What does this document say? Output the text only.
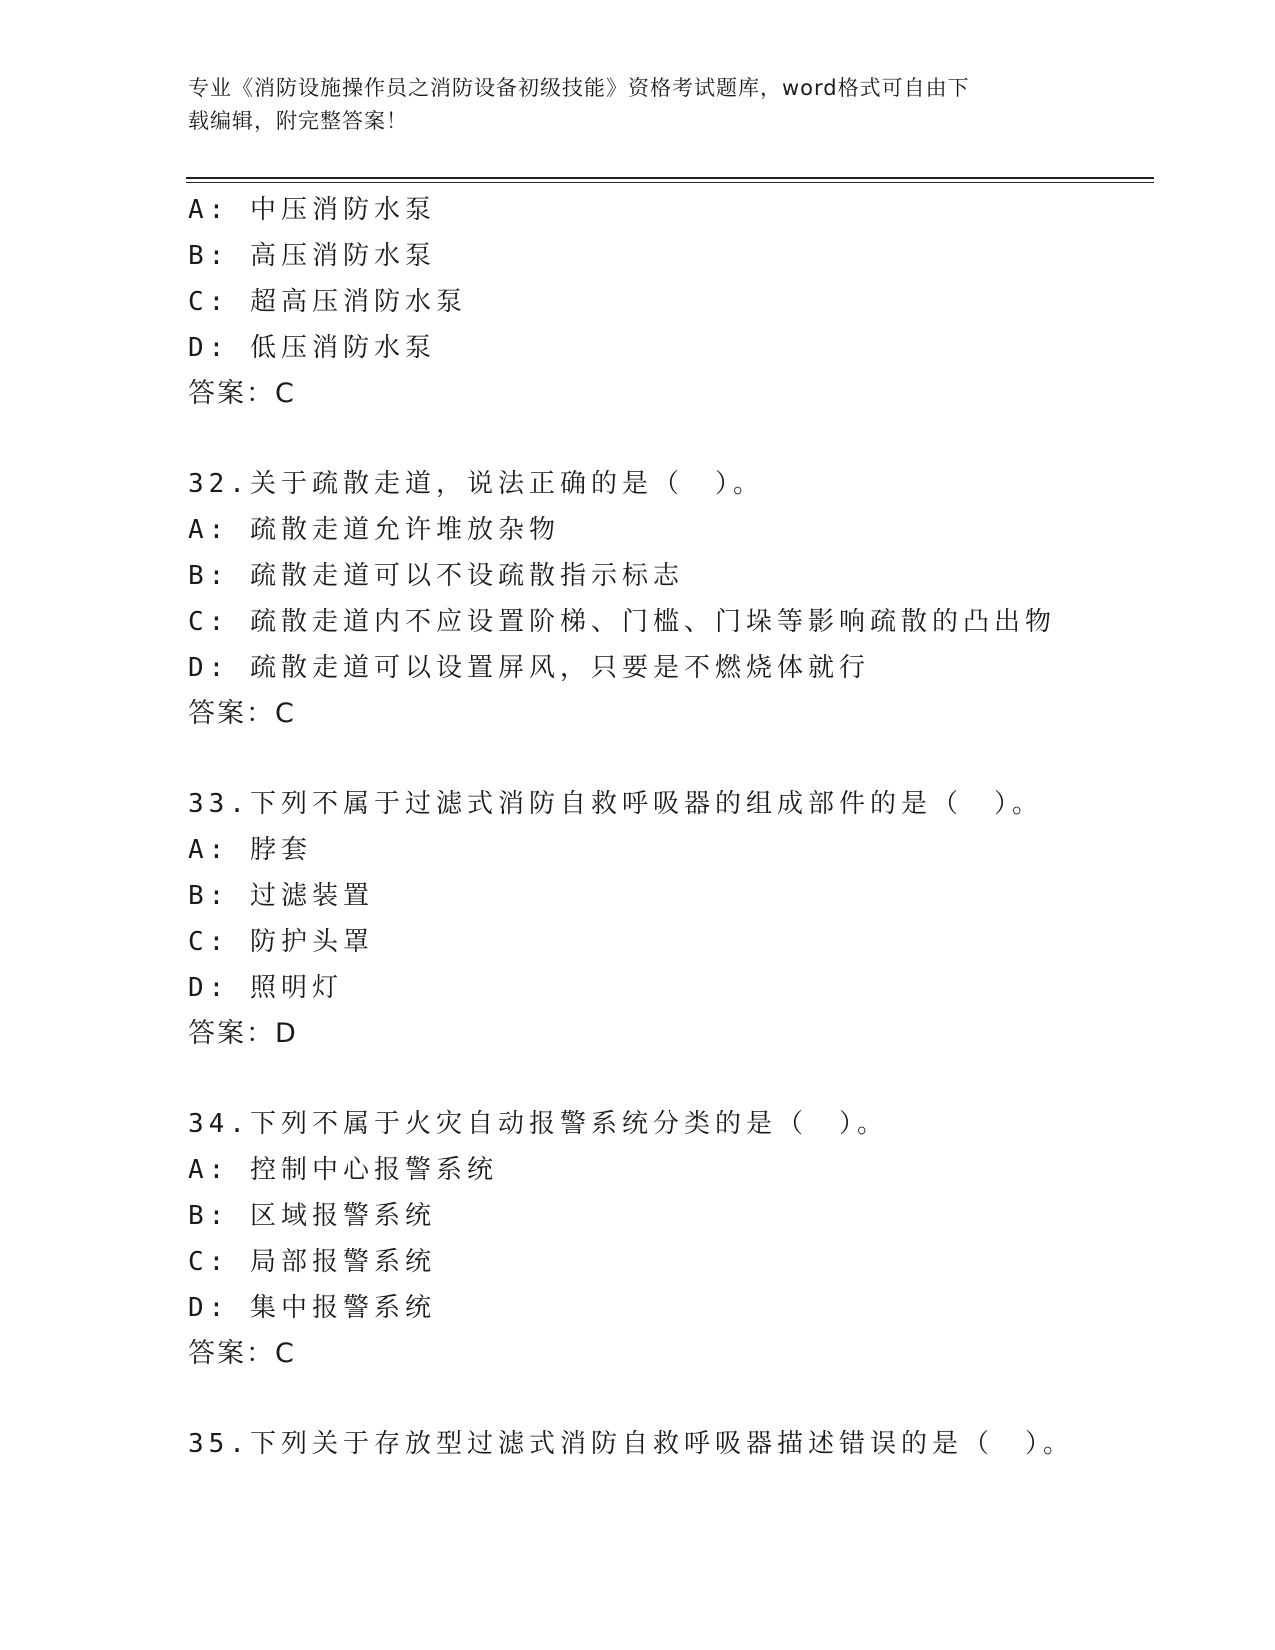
专业《消防设施操作员之消防设备初级技能》资格考试题库，word格式可自由下
载编辑，附完整答案！
A: 中压消防水泵
B: 高压消防水泵
C: 超高压消防水泵
D: 低压消防水泵
答案：C
32.关于疏散走道，说法正确的是（　）。
A: 疏散走道允许堆放杂物
B: 疏散走道可以不设疏散指示标志
C: 疏散走道内不应设置阶梯、门槛、门垛等影响疏散的凸出物
D: 疏散走道可以设置屏风，只要是不燃烧体就行
答案：C
33.下列不属于过滤式消防自救呼吸器的组成部件的是（　）。
A: 脖套
B: 过滤装置
C: 防护头罩
D: 照明灯
答案：D
34.下列不属于火灾自动报警系统分类的是（　）。
A: 控制中心报警系统
B: 区域报警系统
C: 局部报警系统
D: 集中报警系统
答案：C
35.下列关于存放型过滤式消防自救呼吸器描述错误的是（　）。
